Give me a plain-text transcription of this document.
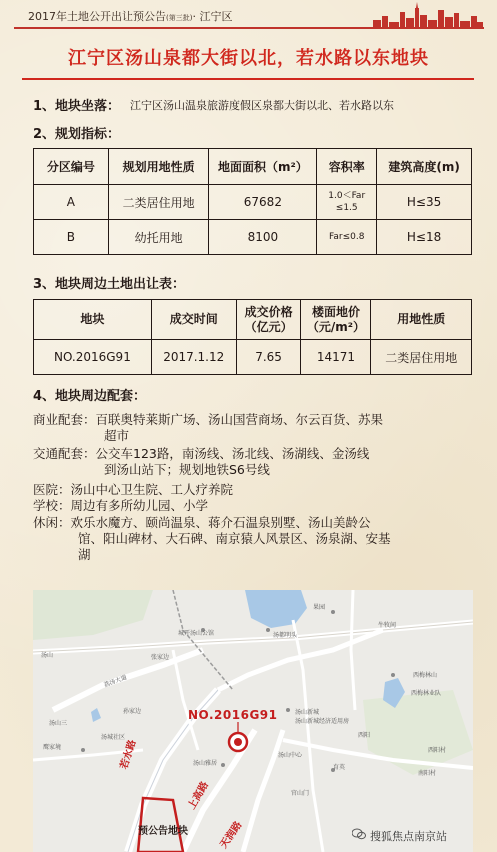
2017年土地公开出让预公告(第三批)· 江宁区
江宁区汤山泉都大街以北，若水路以东地块
1、地块坐落： 江宁区汤山温泉旅游度假区泉都大街以北、若水路以东
2、规划指标：
分区编号	规划用地性质	地面面积（m²）	容积率	建筑高度(m)
A	二类居住用地	67682	1.0＜Far ≤1.5	H≤35
B	幼托用地	8100	Far≤0.8	H≤18
3、地块周边土地出让表：
地块	成交时间	成交价格（亿元）	楼面地价（元/m²）	用地性质
NO.2016G91	2017.1.12	7.65	14171	二类居住用地
4、地块周边配套：
商业配套：百联奥特莱斯广场、汤山国营商场、尔云百货、苏果
超市
交通配套：公交车123路，南汤线、汤北线、汤湖线、金汤线
到汤山站下；规划地铁S6号线
医院：汤山中心卫生院、工人疗养院
学校：周边有多所幼儿园、小学
休闲：欢乐水魔方、颐尚温泉、蒋介石温泉别墅、汤山美龄公
馆、阳山碑材、大石碑、南京猿人风景区、汤泉湖、安基
湖
果园
牛牧间
城开汤山公馆	汤都明头
张家边
荔汤大道	西梅林山
西梅林业队
汤山
汤山新城经济适用房
汤山新城
鹰家境
汤山三
汤城社区
汤山雅居
育英
西阳村
南阳村
孙家边
西阳
汤山中心
官山门
NO.2016G91
若水路
上高路
天润路
预公告地块	搜狐焦点南京站
